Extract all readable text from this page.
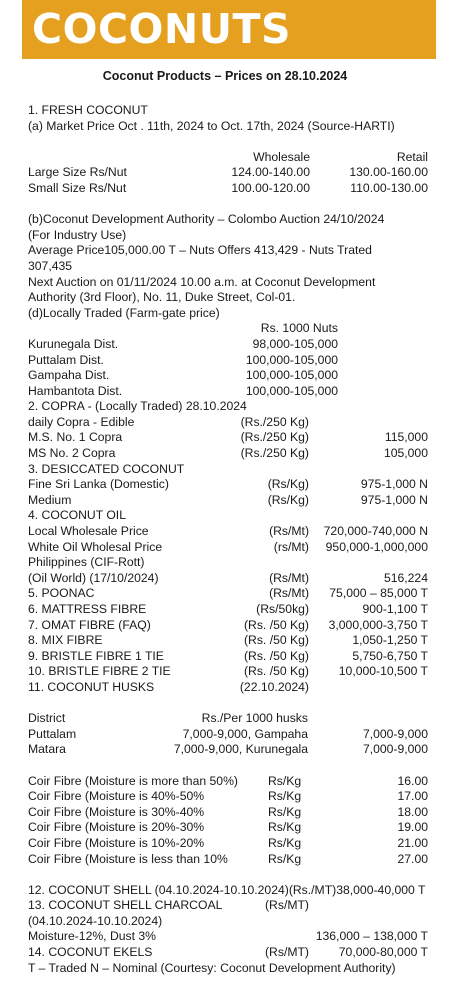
COCONUTS
Coconut Products – Prices on 28.10.2024
1. FRESH COCONUT
(a) Market Price Oct . 11th, 2024 to Oct. 17th, 2024 (Source-HARTI)
Wholesale	Retail
Large Size Rs/Nut	124.00-140.00	130.00-160.00
Small Size Rs/Nut	100.00-120.00	110.00-130.00
(b)Coconut Development Authority – Colombo Auction 24/10/2024
(For Industry Use)
Average Price105,000.00 T – Nuts Offers 413,429 - Nuts Trated
307,435
Next Auction on 01/11/2024 10.00 a.m. at Coconut Development
Authority (3rd Floor), No. 11, Duke Street, Col-01.
(d)Locally Traded (Farm-gate price)
Rs. 1000 Nuts
Kurunegala Dist.	98,000-105,000
Puttalam Dist.	100,000-105,000
Gampaha Dist.	100,000-105,000
Hambantota Dist.	100,000-105,000
2. COPRA - (Locally Traded) 28.10.2024
daily Copra - Edible	(Rs./250 Kg)
M.S. No. 1 Copra	(Rs./250 Kg)	115,000
MS No. 2 Copra	(Rs./250 Kg)	105,000
3. DESICCATED COCONUT
Fine Sri Lanka (Domestic)	(Rs/Kg)	975-1,000 N
Medium	(Rs/Kg)	975-1,000 N
4. COCONUT OIL
Local Wholesale Price	(Rs/Mt)	720,000-740,000 N
White Oil Wholesal Price	(rs/Mt)	950,000-1,000,000
Philippines (CIF-Rott)
(Oil World) (17/10/2024)	(Rs/Mt)	516,224
5. POONAC	(Rs/Mt)	75,000 – 85,000 T
6. MATTRESS FIBRE	(Rs/50kg)	900-1,100 T
7. OMAT FIBRE (FAQ)	(Rs. /50 Kg)	3,000,000-3,750 T
8. MIX FIBRE	(Rs. /50 Kg)	1,050-1,250 T
9. BRISTLE FIBRE 1 TIE	(Rs. /50 Kg)	5,750-6,750 T
10. BRISTLE FIBRE 2 TIE	(Rs. /50 Kg)	10,000-10,500 T
11. COCONUT HUSKS	(22.10.2024)
District	Rs./Per 1000 husks
Puttalam	7,000-9,000, Gampaha	7,000-9,000
Matara	7,000-9,000, Kurunegala	7,000-9,000
Coir Fibre (Moisture is more than 50%)	Rs/Kg	16.00
Coir Fibre (Moisture is 40%-50%	Rs/Kg	17.00
Coir Fibre (Moisture is 30%-40%	Rs/Kg	18.00
Coir Fibre (Moisture is 20%-30%	Rs/Kg	19.00
Coir Fibre (Moisture is 10%-20%	Rs/Kg	21.00
Coir Fibre (Moisture is less than 10%	Rs/Kg	27.00
12. COCONUT SHELL (04.10.2024-10.10.2024)(Rs./MT)38,000-40,000 T
13. COCONUT SHELL CHARCOAL	(Rs/MT)
(04.10.2024-10.10.2024)
Moisture-12%, Dust 3%	136,000 – 138,000 T
14. COCONUT EKELS	(Rs/MT)	70,000-80,000 T
T – Traded N – Nominal (Courtesy: Coconut Development Authority)
